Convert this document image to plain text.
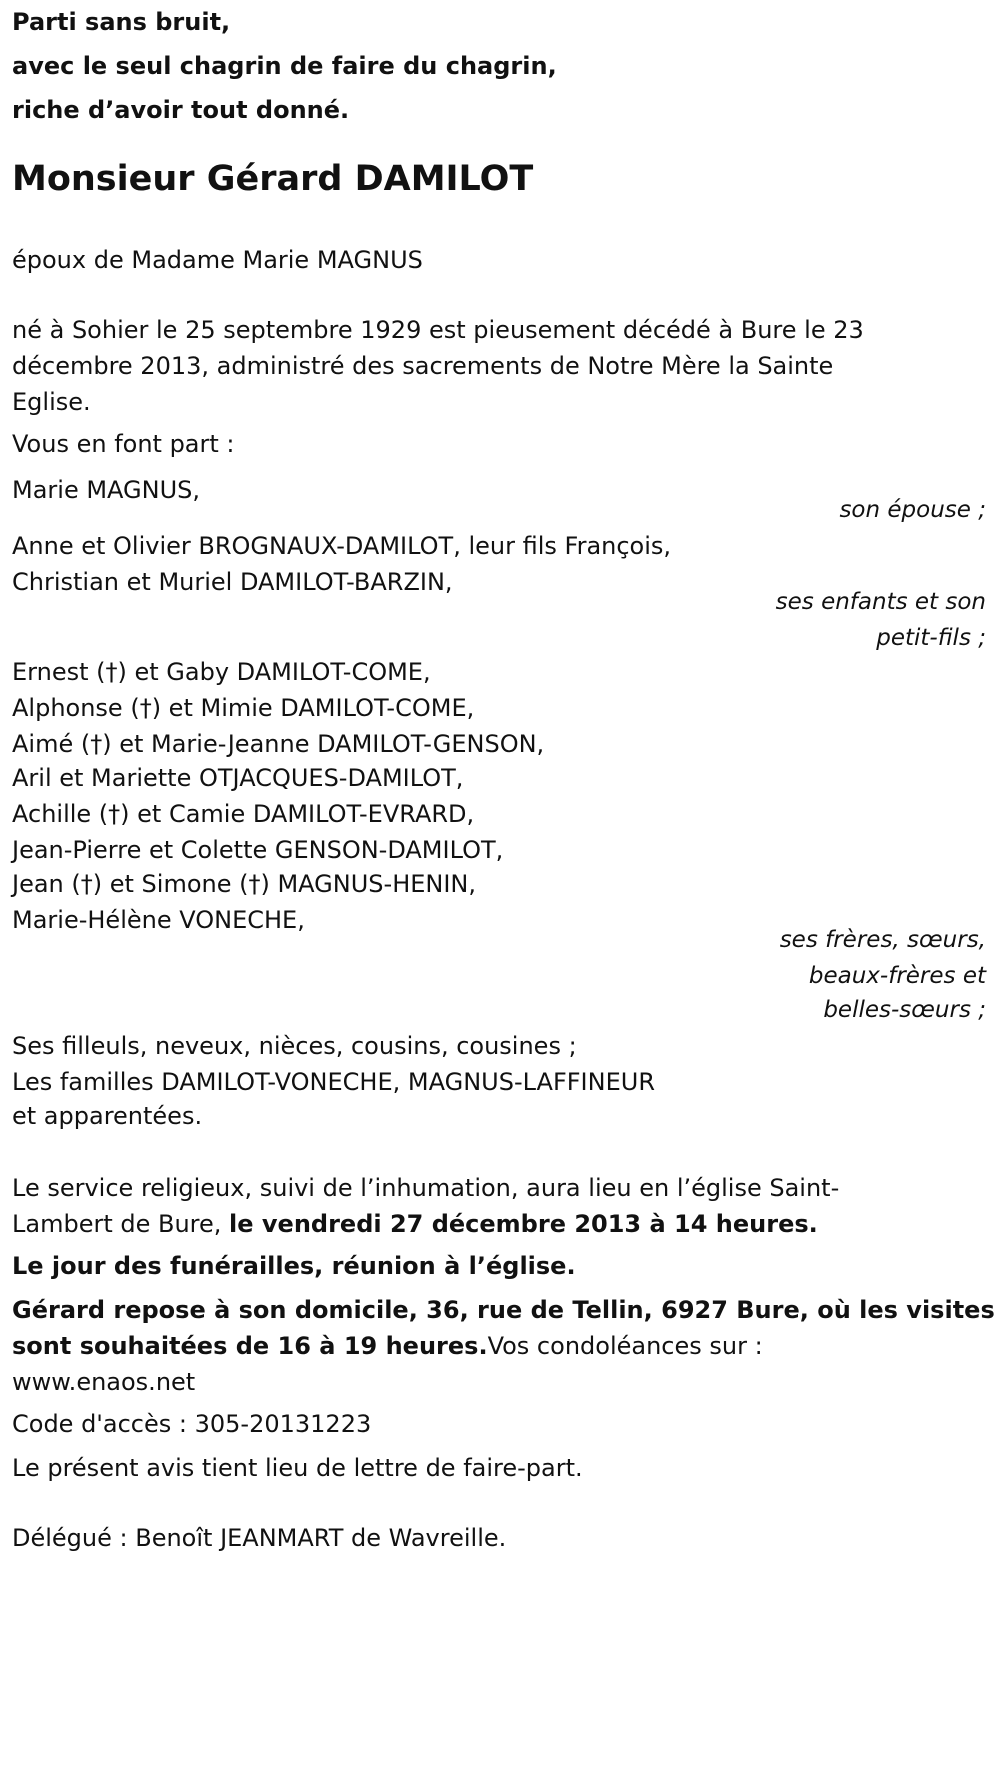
Parti sans bruit,
avec le seul chagrin de faire du chagrin,
riche d’avoir tout donné.
Monsieur Gérard DAMILOT
époux de Madame Marie MAGNUS
né à Sohier le 25 septembre 1929 est pieusement décédé à Bure le 23
décembre 2013, administré des sacrements de Notre Mère la Sainte
Eglise.
Vous en font part :
Marie MAGNUS,
son épouse ;
Anne et Olivier BROGNAUX-DAMILOT, leur fils François,
Christian et Muriel DAMILOT-BARZIN,
ses enfants et son
petit-fils ;
Ernest (†) et Gaby DAMILOT-COME,
Alphonse (†) et Mimie DAMILOT-COME,
Aimé (†) et Marie-Jeanne DAMILOT-GENSON,
Aril et Mariette OTJACQUES-DAMILOT,
Achille (†) et Camie DAMILOT-EVRARD,
Jean-Pierre et Colette GENSON-DAMILOT,
Jean (†) et Simone (†) MAGNUS-HENIN,
Marie-Hélène VONECHE,
ses frères, sœurs,
beaux-frères et
belles-sœurs ;
Ses filleuls, neveux, nièces, cousins, cousines ;
Les familles DAMILOT-VONECHE, MAGNUS-LAFFINEUR
et apparentées.
Le service religieux, suivi de l’inhumation, aura lieu en l’église Saint-
Lambert de Bure, le vendredi 27 décembre 2013 à 14 heures.
Le jour des funérailles, réunion à l’église.
Gérard repose à son domicile, 36, rue de Tellin, 6927 Bure, où les visites
sont souhaitées de 16 à 19 heures.Vos condoléances sur :
www.enaos.net
Code d'accès : 305-20131223
Le présent avis tient lieu de lettre de faire-part.
Délégué : Benoît JEANMART de Wavreille.
